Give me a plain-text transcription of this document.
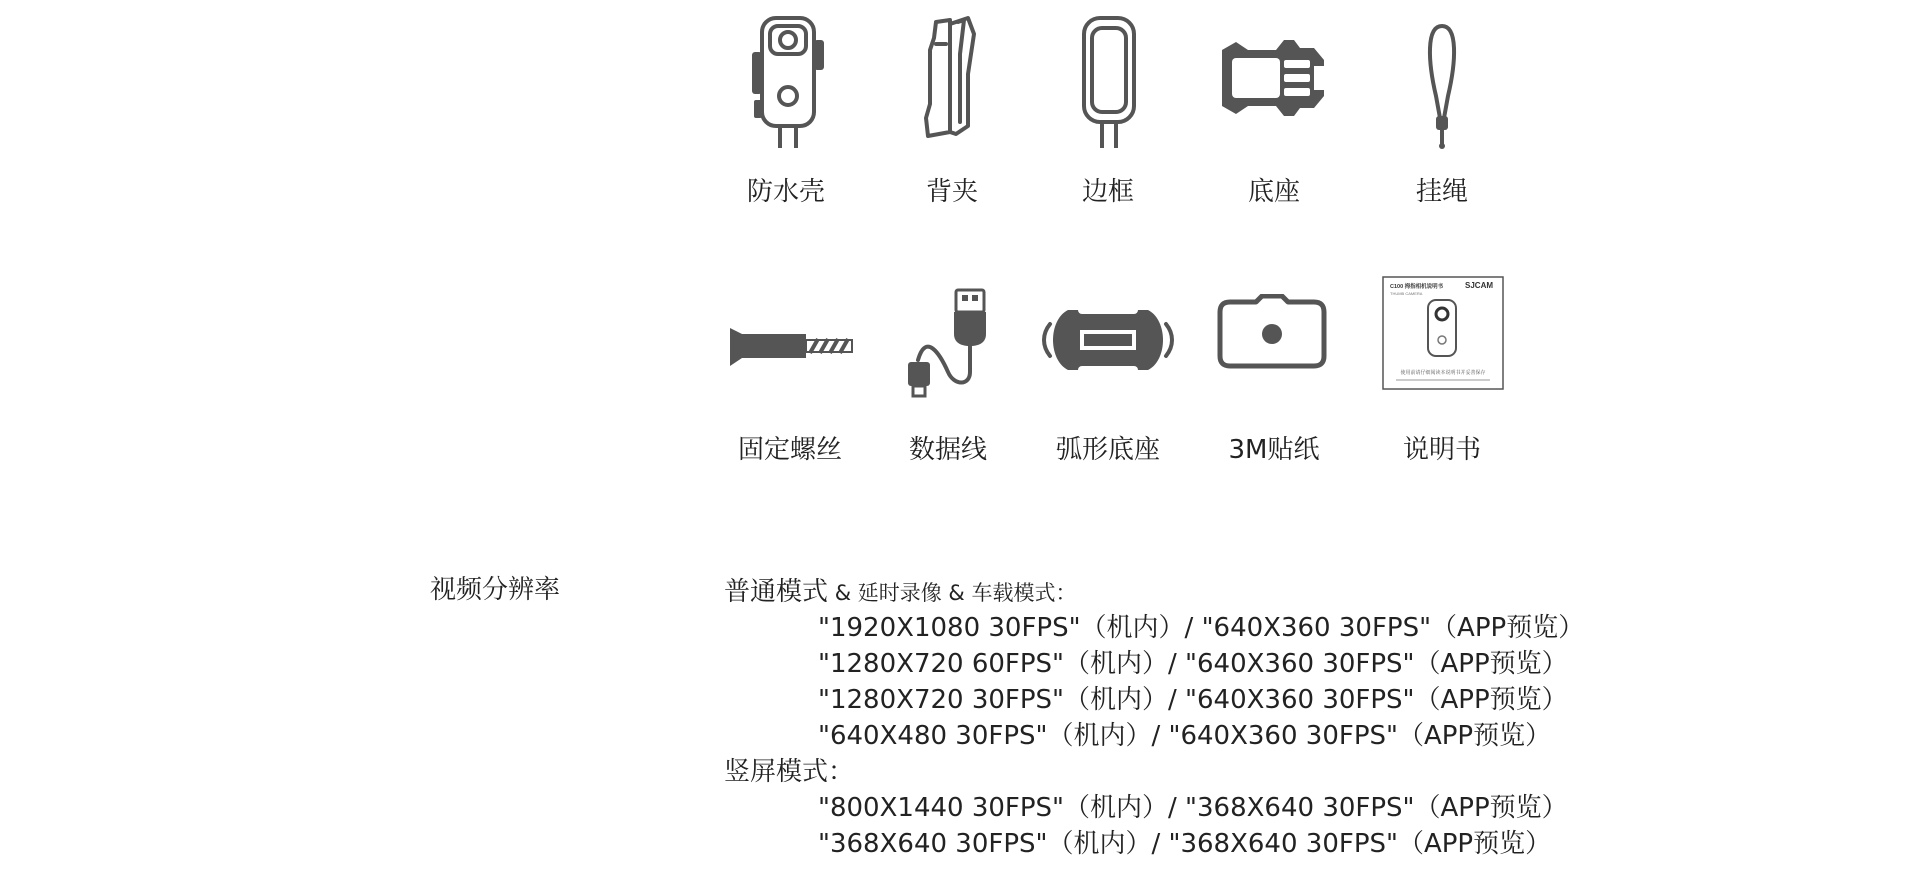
防水壳	背夹	边框	底座	挂绳
固定螺丝	数据线	弧形底座	3M贴纸
C100 拇指相机说明书
THUMB CAMERA
SJCAM
使用前请仔细阅读本说明书并妥善保存
说明书
视频分辨率	普通模式 & 延时录像 & 车载模式：
"1920X1080 30FPS"（机内）/ "640X360 30FPS"（APP预览）
"1280X720 60FPS"（机内）/ "640X360 30FPS"（APP预览）
"1280X720 30FPS"（机内）/ "640X360 30FPS"（APP预览）
"640X480 30FPS"（机内）/ "640X360 30FPS"（APP预览）
竖屏模式：
"800X1440 30FPS"（机内）/ "368X640 30FPS"（APP预览）
"368X640 30FPS"（机内）/ "368X640 30FPS"（APP预览）
